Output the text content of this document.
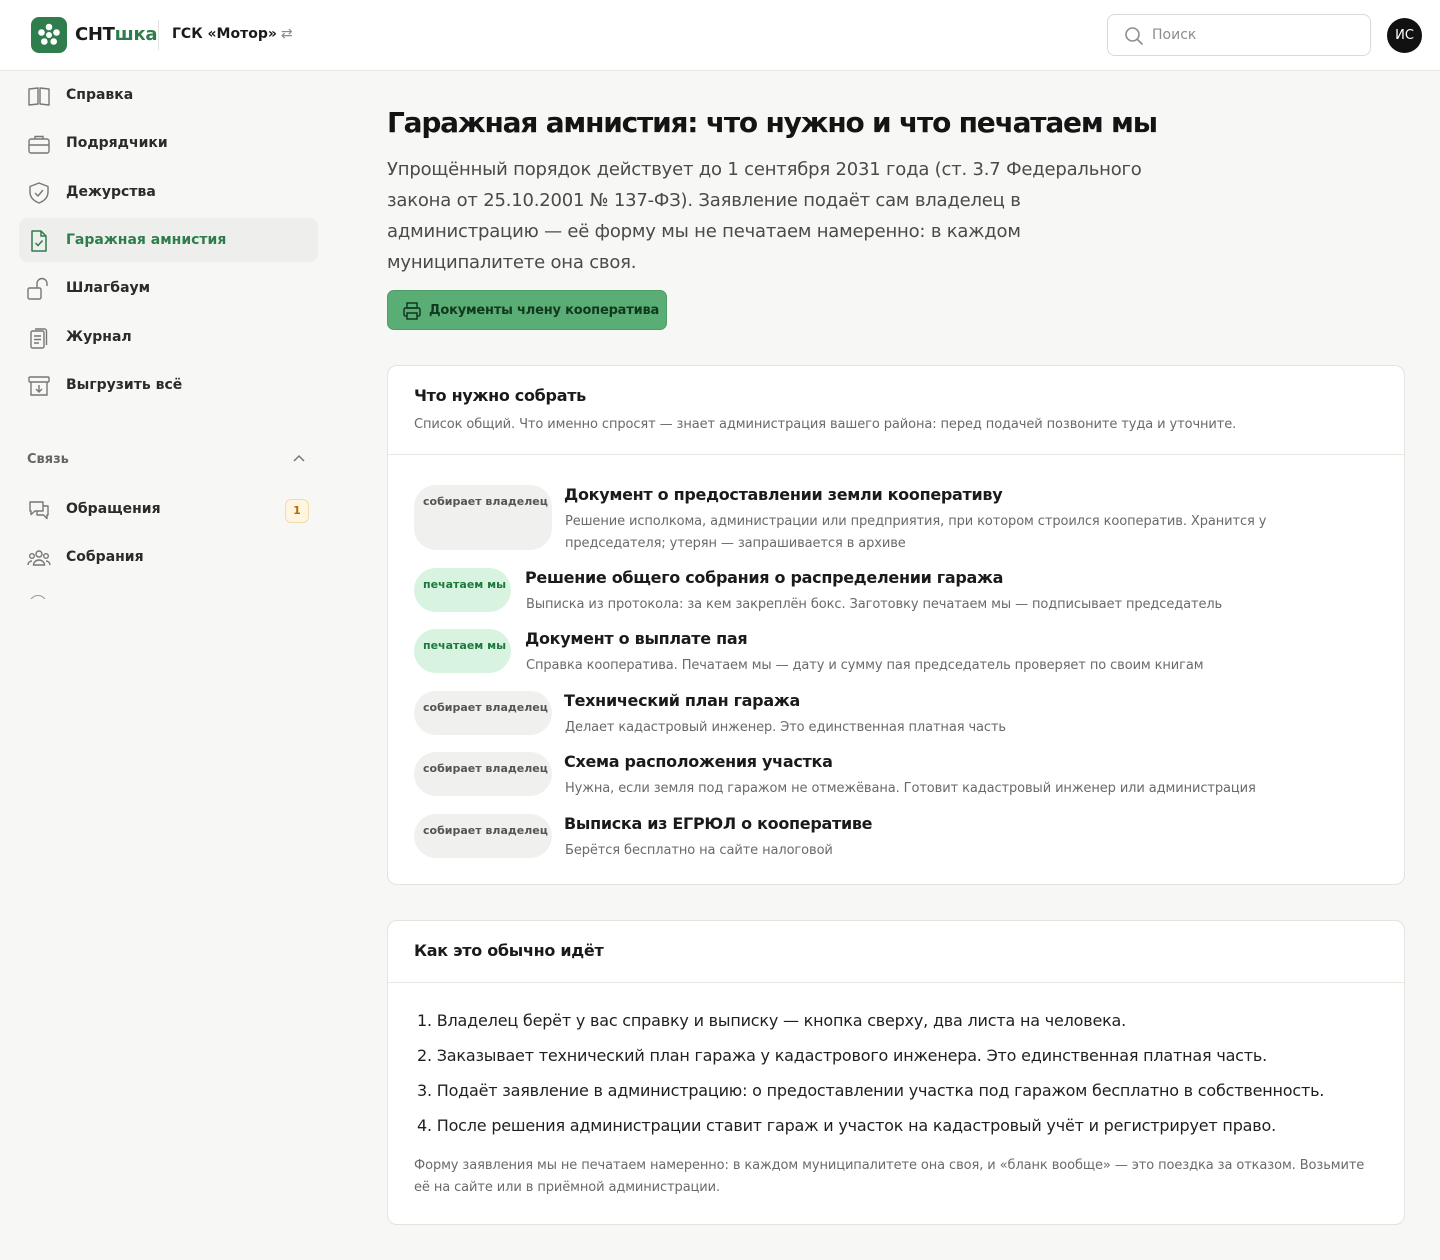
СНТшка ГСК «Мотор» ⇄
Поиск	ИС
Справка
Подрядчики
Дежурства
Гаражная амнистия
Шлагбаум
Журнал
Выгрузить всё
Связь
Обращения	1
Собрания
Гаражная амнистия: что нужно и что печатаем мы

Упрощённый порядок действует до 1 сентября 2031 года (ст. 3.7 Федерального закона от 25.10.2001 № 137-ФЗ). Заявление подаёт сам владелец в администрацию — её форму мы не печатаем намеренно: в каждом муниципалитете она своя.

Документы члену кооператива
Что нужно собрать
Список общий. Что именно спросят — знает администрация вашего района: перед подачей позвоните туда и уточните.
собирает владелец Документ о предоставлении земли кооперативу
Решение исполкома, администрации или предприятия, при котором строился кооператив. Хранится у председателя; утерян — запрашивается в архиве
печатаем мы	Решение общего собрания о распределении гаража
Выписка из протокола: за кем закреплён бокс. Заготовку печатаем мы — подписывает председатель
печатаем мы	Документ о выплате пая
Справка кооператива. Печатаем мы — дату и сумму пая председатель проверяет по своим книгам
собирает владелец Технический план гаража
Делает кадастровый инженер. Это единственная платная часть
собирает владелец Схема расположения участка
Нужна, если земля под гаражом не отмежёвана. Готовит кадастровый инженер или администрация
собирает владелец Выписка из ЕГРЮЛ о кооперативе
Берётся бесплатно на сайте налоговой
Как это обычно идёт
1. Владелец берёт у вас справку и выписку — кнопка сверху, два листа на человека.
2. Заказывает технический план гаража у кадастрового инженера. Это единственная платная часть.
3. Подаёт заявление в администрацию: о предоставлении участка под гаражом бесплатно в собственность.
4. После решения администрации ставит гараж и участок на кадастровый учёт и регистрирует право.
Форму заявления мы не печатаем намеренно: в каждом муниципалитете она своя, и «бланк вообще» — это поездка за отказом. Возьмите её на сайте или в приёмной администрации.
